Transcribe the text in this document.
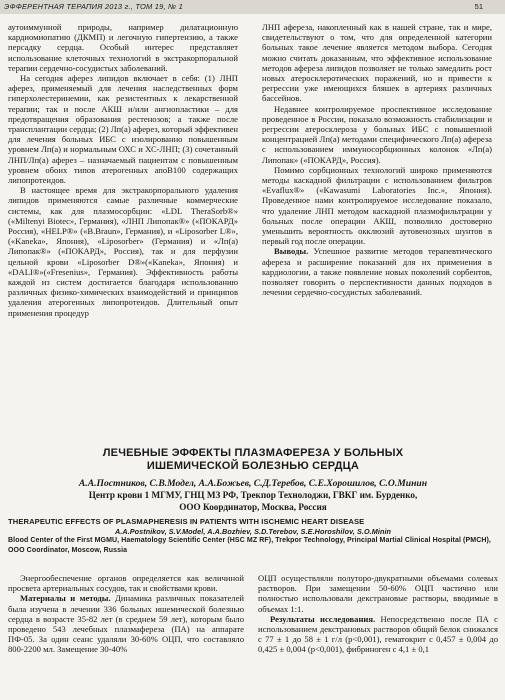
ЭФФЕРЕНТНАЯ ТЕРАПИЯ 2013 г., ТОМ 19, № 1	51

аутоиммунной природы, например дилатационную кардиомиопатию (ДКМП) и легочную гипертензию, а также персадку сердца. Особый интерес представляет использование клеточных технологий в экстракорпоральной терапии сердечно-сосудистых заболеваний.

На сегодня аферез липидов включает в себя: (1) ЛНП аферез, применяемый для лечения наследственных форм гиперхолестеринемии, как резистентных к лекарственной терапии; так и после АКШ и/или ангиопластики – для предотвращения образования рестенозов; а также после трансплантации сердца; (2) Лп(а) аферез, который эффективен для лечения больных ИБС с изолированно повышенным уровнем Лп(а) и нормальным ОХС и ХС-ЛНП; (3) сочетанный ЛНП/Лп(а) аферез – назначаемый пациентам с повышенным уровнем обоих типов атерогенных апоВ100 содержащих липопротеидов.

В настоящее время для экстракорпорального удаления липидов применяются самые различные коммерческие системы, как для плазмосорбции: «LDL TheraSorb®» («Miltenyi Biotec», Германия), «ЛНП Липопак®» («ПОКАРД» Россия), «HELP®» («B.Braun», Германия), и «Liposorber L®», («Kaneka», Япония), «Liposorber» (Германия) и «Лп(а) Липопак®» («ПОКАРД», Россия), так и для перфузии цельной крови «Liposorber D®»(«Kaneka», Япония) и «DALI®»(«Fresenius», Германия). Эффективность работы каждой из систем достигается благодаря использованию различных физико-химических взаимодействий и принципов удаления атерогенных липопротеидов. Длительный опыт применения процедур

ЛНП афереза, накопленный как в нашей стране, так и мире, свидетельствуют о том, что для определенной категории больных такое лечение является методом выбора. Сегодня можно считать доказанным, что эффективное использование методов афереза липидов позволяет не только замедлить рост новых атеросклеротических поражений, но и привести к регрессии уже имеющихся бляшек в артериях различных бассейнов.

Недавнее контролируемое проспективное исследование проведенное в России, показало возможность стабилизации и регрессии атеросклероза у больных ИБС с повышенной концентрацией Лп(а) методами специфического Лп(а) афереза с использованием иммуносорбционных колонок «Лп(а) Липопак» («ПОКАРД», Россия).

Помимо сорбционных технологий широко применяются методы каскадной фильтрации с использованием фильтров «Evaflux®» («Kawasumi Laboratories Inc.», Япония). Проведенное нами контролируемое исследование показало, что удаление ЛНП методом каскадной плазмофильтрации у больных после операции АКШ, позволило достоверно уменьшить вероятность окклюзий аутовенозных шунтов в первый год после операции.

Выводы. Успешное развитие методов терапевтического афереза и расширение показаний для их применения в кардиологии, а также появление новых поколений сорбентов, позволяет говорить о перспективности данных подходов в лечении сердечно-сосудистых заболеваний.

ЛЕЧЕБНЫЕ ЭФФЕКТЫ ПЛАЗМАФЕРЕЗА У БОЛЬНЫХ

ИШЕМИЧЕСКОЙ БОЛЕЗНЬЮ СЕРДЦА

А.А.Постников, С.В.Модел, А.А.Божьев, С.Д.Теребов, С.Е.Хорошилов, С.О.Минин

Центр крови 1 МГМУ, ГНЦ МЗ РФ, Трекпор Технолоджи, ГВКГ им. Бурденко,

ООО Координатор, Москва, Россия

THERAPEUTIC EFFECTS OF PLASMAPHERESIS IN PATIENTS WITH ISCHEMIC HEART DISEASE
A.A.Postnikov, S.V.Model, A.A.Bozhiev, S.D.Terebov, S.E.Horoshilov, S.O.Minin
Blood Center of the First MGMU, Haematology Scientific Center (HSC MZ RF), Trekpor Technology, Principal Martial Clinical Hospital (PMCH), OOO Coordinator, Moscow, Russia

Энергообеспечение органов определяется как величиной просвета артериальных сосудов, так и свойствами крови.

Материалы и методы. Динамика различных показателей была изучена в лечении 336 больных ишемической болезнью сердца в возрасте 35-82 лет (в среднем 59 лет), которым было проведено 543 лечебных плазмафереза (ПА) на аппарате ПФ-05. За один сеанс удаляли 30-60% ОЦП, что составляло 800-2200 мл. Замещение 30-40%

ОЦП осуществляли полуторо-двукратными объемами солевых растворов. При замещении 50-60% ОЦП частично или полностью использовали декстрановые растворы, вводимые в объемах 1:1.

Результаты исследования. Непосредственно после ПА с использованием декстрановых растворов общий белок снижался с 77 ± 1 до 58 ± 1 г/л (p<0,001), гематокрит с 0,457 ± 0,004 до 0,425 ± 0,004 (p<0,001), фибриноген с 4,1 ± 0,1
